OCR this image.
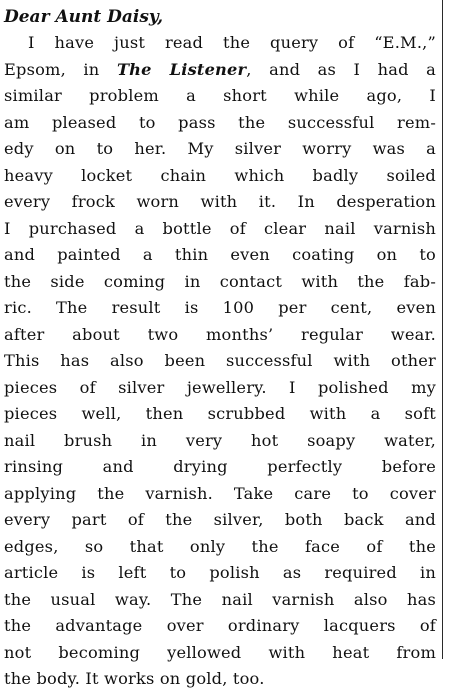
Dear Aunt Daisy,
I have just read the query of “E.M.,”
Epsom, in The Listener, and as I had a
similar problem a short while ago, I
am pleased to pass the successful rem-
edy on to her. My silver worry was a
heavy locket chain which badly soiled
every frock worn with it. In desperation
I purchased a bottle of clear nail varnish
and painted a thin even coating on to
the side coming in contact with the fab-
ric. The result is 100 per cent, even
after about two months’ regular wear.
This has also been successful with other
pieces of silver jewellery. I polished my
pieces well, then scrubbed with a soft
nail brush in very hot soapy water,
rinsing and drying perfectly before
applying the varnish. Take care to cover
every part of the silver, both back and
edges, so that only the face of the
article is left to polish as required in
the usual way. The nail varnish also has
the advantage over ordinary lacquers of
not becoming yellowed with heat from
the body. It works on gold, too.
